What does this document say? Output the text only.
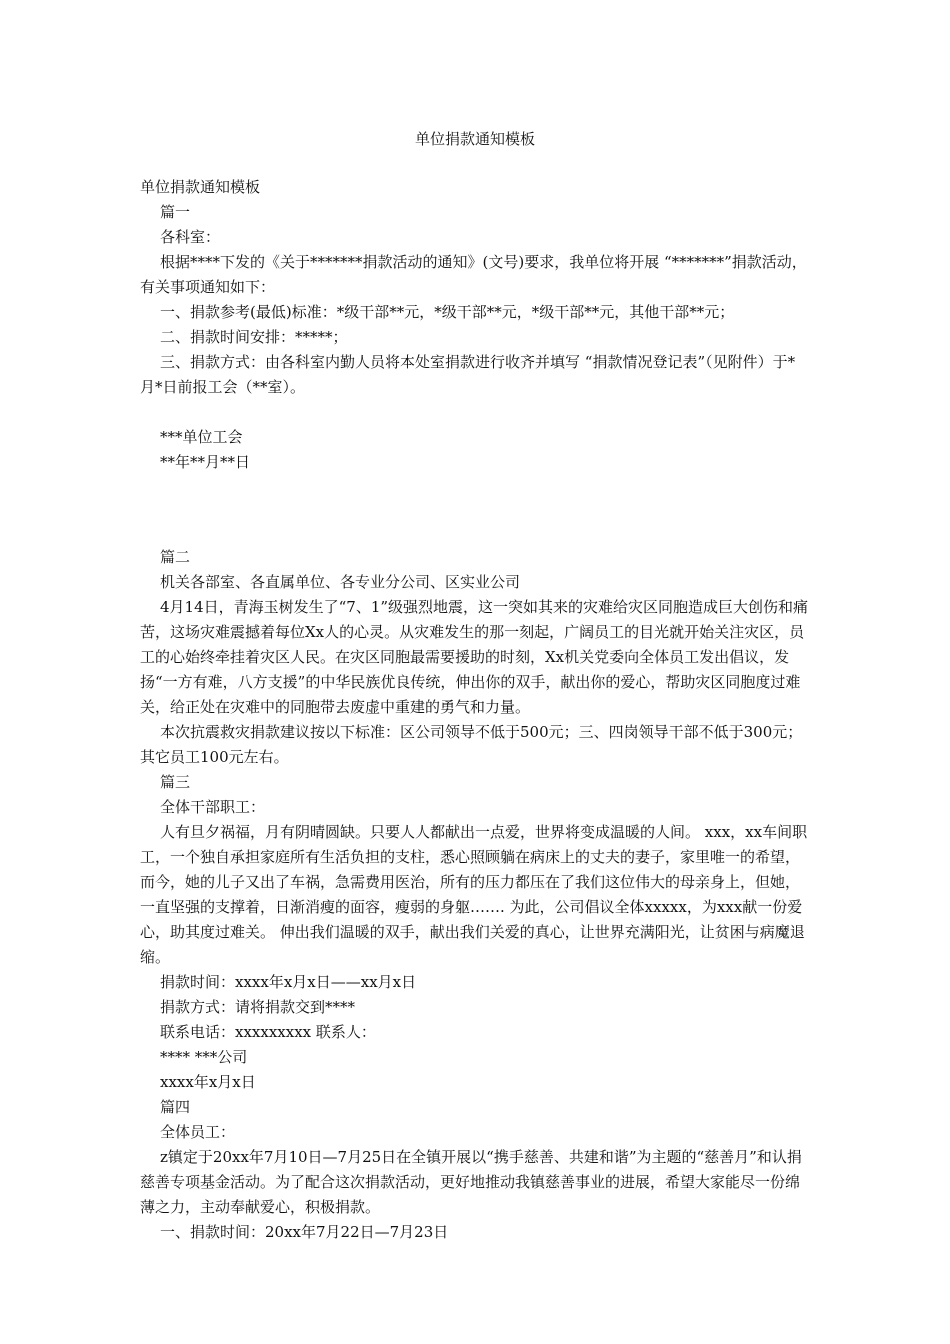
单位捐款通知模板

单位捐款通知模板

篇一

各科室：

根据****下发的《关于*******捐款活动的通知》(文号)要求，我单位将开展 “*******”捐款活动，有关事项通知如下：

一、捐款参考(最低)标准：*级干部**元，*级干部**元，*级干部**元，其他干部**元；

二、捐款时间安排：*****；

三、捐款方式：由各科室内勤人员将本处室捐款进行收齐并填写 “捐款情况登记表”（见附件）于*月*日前报工会（**室）。

***单位工会

**年**月**日

篇二

机关各部室、各直属单位、各专业分公司、区实业公司

4月14日，青海玉树发生了“7、1”级强烈地震，这一突如其来的灾难给灾区同胞造成巨大创伤和痛苦，这场灾难震撼着每位Xx人的心灵。从灾难发生的那一刻起，广阔员工的目光就开始关注灾区，员工的心始终牵挂着灾区人民。在灾区同胞最需要援助的时刻，Xx机关党委向全体员工发出倡议，发扬“一方有难，八方支援”的中华民族优良传统，伸出你的双手，献出你的爱心，帮助灾区同胞度过难关，给正处在灾难中的同胞带去废虚中重建的勇气和力量。

本次抗震救灾捐款建议按以下标准：区公司领导不低于500元；三、四岗领导干部不低于300元；其它员工100元左右。

篇三

全体干部职工：

人有旦夕祸福，月有阴晴圆缺。只要人人都献出一点爱，世界将变成温暖的人间。 xxx，xx车间职工，一个独自承担家庭所有生活负担的支柱，悉心照顾躺在病床上的丈夫的妻子，家里唯一的希望，而今，她的儿子又出了车祸，急需费用医治，所有的压力都压在了我们这位伟大的母亲身上，但她，一直坚强的支撑着，日渐消瘦的面容，瘦弱的身躯……. 为此，公司倡议全体xxxxx，为xxx献一份爱心，助其度过难关。 伸出我们温暖的双手，献出我们关爱的真心，让世界充满阳光，让贫困与病魔退缩。

捐款时间：xxxx年x月x日——xx月x日

捐款方式：请将捐款交到****

联系电话：xxxxxxxxx 联系人：

**** ***公司

xxxx年x月x日

篇四

全体员工：

z镇定于20xx年7月10日—7月25日在全镇开展以“携手慈善、共建和谐”为主题的“慈善月”和认捐慈善专项基金活动。为了配合这次捐款活动，更好地推动我镇慈善事业的进展，希望大家能尽一份绵薄之力，主动奉献爱心，积极捐款。

一、捐款时间：20xx年7月22日—7月23日
